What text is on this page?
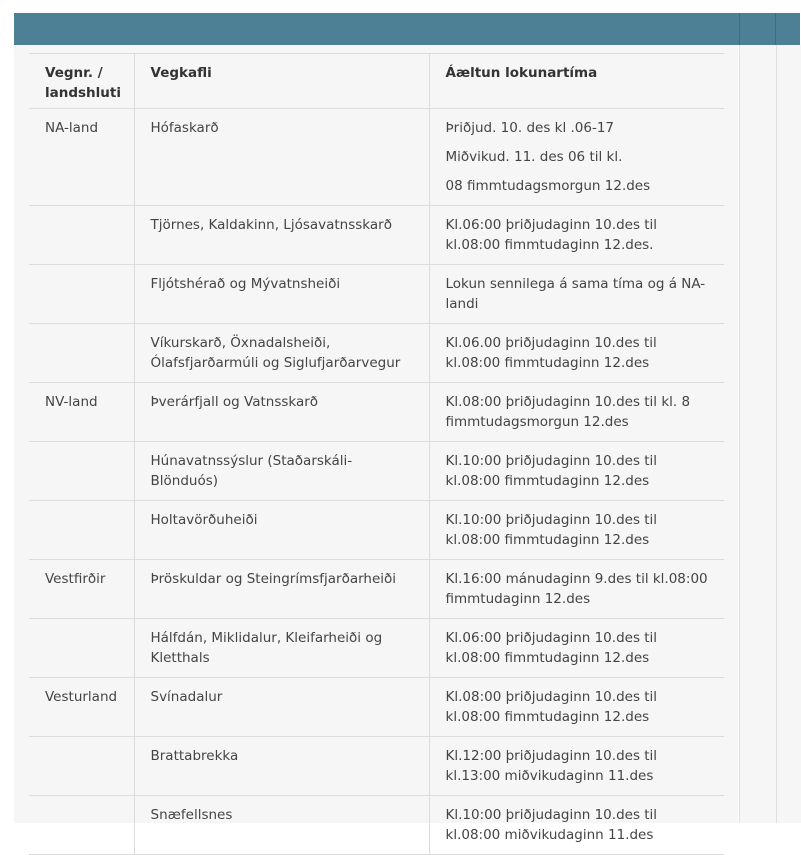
Vegnr. /
landshluti	Vegkafli	Áæltun lokunartíma
NA-land	Hófaskarð	Þriðjud. 10. des kl .06-17

Miðvikud. 11. des 06 til kl.

08 fimmtudagsmorgun 12.des

	Tjörnes, Kaldakinn, Ljósavatnsskarð	Kl.06:00 þriðjudaginn 10.des til kl.08:00 fimmtudaginn 12.des.

	Fljótshérað og Mývatnsheiði	Lokun sennilega á sama tíma og á NA-landi

	Víkurskarð, Öxnadalsheiði, Ólafsfjarðarmúli og Siglufjarðarvegur	Kl.06.00 þriðjudaginn 10.des til kl.08:00 fimmtudaginn 12.des

NV-land	Þverárfjall og Vatnsskarð	Kl.08:00 þriðjudaginn 10.des til kl. 8 fimmtudagsmorgun 12.des

	Húnavatnssýslur (Staðarskáli-Blönduós)	Kl.10:00 þriðjudaginn 10.des til kl.08:00 fimmtudaginn 12.des

	Holtavörðuheiði	Kl.10:00 þriðjudaginn 10.des til kl.08:00 fimmtudaginn 12.des

Vestfirðir	Þröskuldar og Steingrímsfjarðarheiði	Kl.16:00 mánudaginn 9.des til kl.08:00 fimmtudaginn 12.des

	Hálfdán, Miklidalur, Kleifarheiði og Kletthals	Kl.06:00 þriðjudaginn 10.des til kl.08:00 fimmtudaginn 12.des

Vesturland	Svínadalur	Kl.08:00 þriðjudaginn 10.des til kl.08:00 fimmtudaginn 12.des

	Brattabrekka	Kl.12:00 þriðjudaginn 10.des til kl.13:00 miðvikudaginn 11.des

	Snæfellsnes	Kl.10:00 þriðjudaginn 10.des til kl.08:00 miðvikudaginn 11.des
